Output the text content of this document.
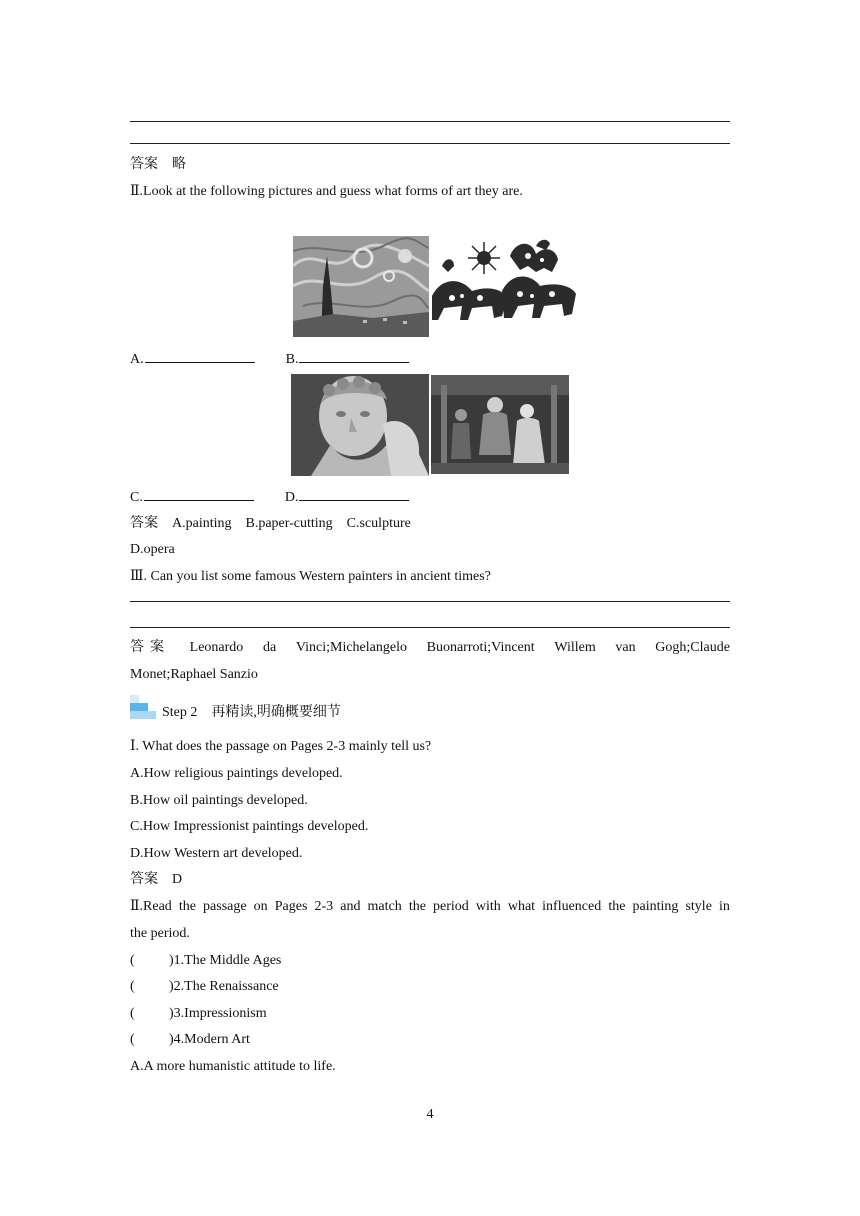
答案　 略
Ⅱ.Look at the following pictures and guess what forms of art they are.
A.	B.
C.	D.
答案　 A.painting　B.paper-cutting　C.sculpture
D.opera
Ⅲ. Can you list some famous Western painters in ancient times?
答案 Leonardo da Vinci;Michelangelo Buonarroti;Vincent Willem van Gogh;Claude
Monet;Raphael Sanzio
Step 2　再精读,明确概要细节
Ⅰ. What does the passage on Pages 2-3 mainly tell us?
A.How religious paintings developed.
B.How oil paintings developed.
C.How Impressionist paintings developed.
D.How Western art developed.
答案　 D
Ⅱ.Read the passage on Pages 2-3 and match the period with what influenced the painting style in
the period.
( )1.The Middle Ages
( )2.The Renaissance
( )3.Impressionism
( )4.Modern Art
A.A more humanistic attitude to life.
4
